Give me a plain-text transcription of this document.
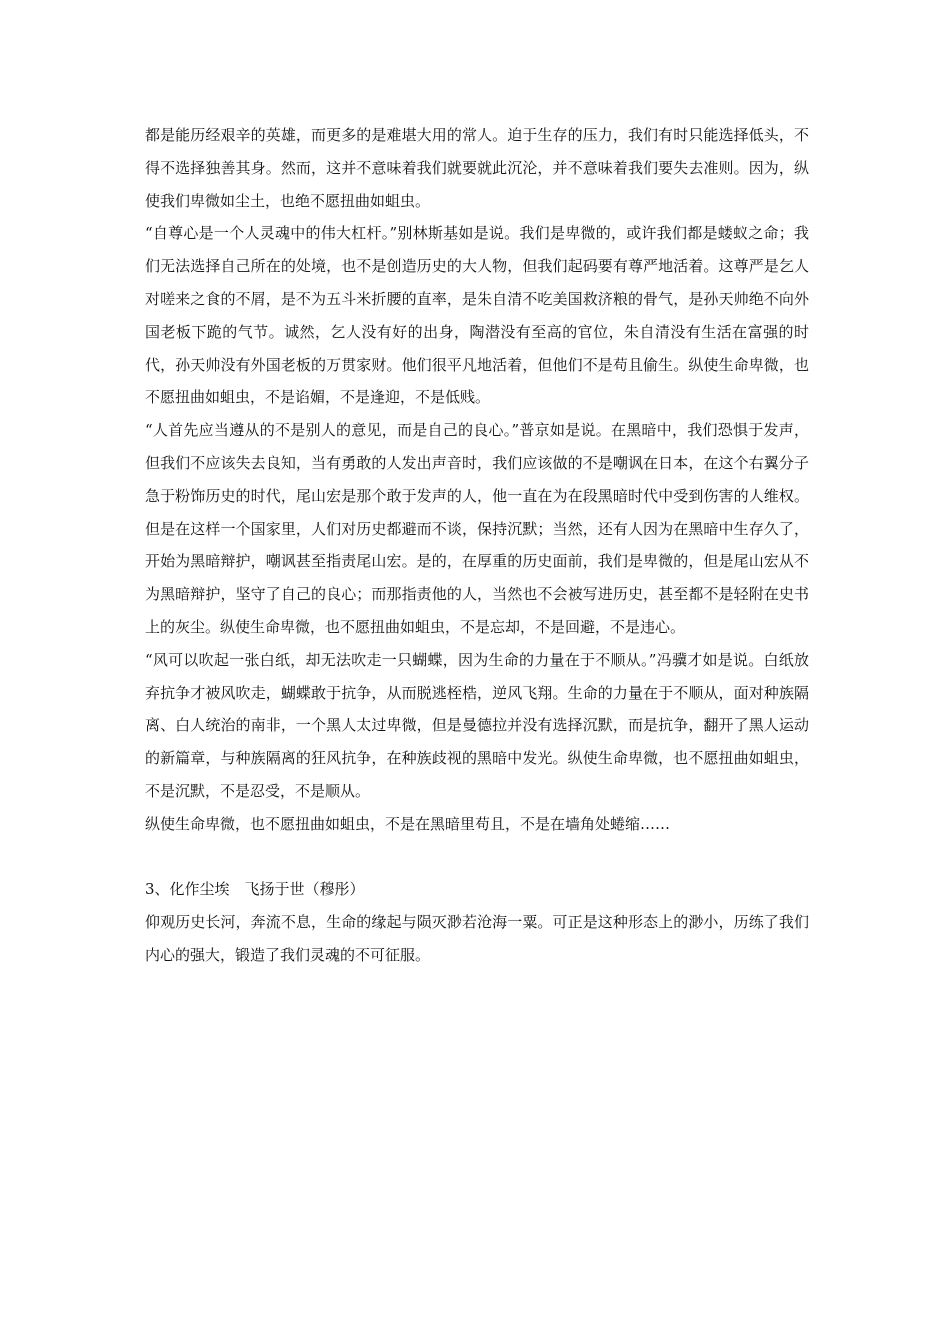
都是能历经艰辛的英雄，而更多的是难堪大用的常人。迫于生存的压力，我们有时只能选择低头，不得不选择独善其身。然而，这并不意味着我们就要就此沉沦，并不意味着我们要失去准则。因为，纵使我们卑微如尘土，也绝不愿扭曲如蛆虫。

“自尊心是一个人灵魂中的伟大杠杆。”别林斯基如是说。我们是卑微的，或许我们都是蝼蚁之命；我们无法选择自己所在的处境，也不是创造历史的大人物，但我们起码要有尊严地活着。这尊严是乞人对嗟来之食的不屑，是不为五斗米折腰的直率，是朱自清不吃美国救济粮的骨气，是孙天帅绝不向外国老板下跪的气节。诚然，乞人没有好的出身，陶潜没有至高的官位，朱自清没有生活在富强的时代，孙天帅没有外国老板的万贯家财。他们很平凡地活着，但他们不是苟且偷生。纵使生命卑微，也不愿扭曲如蛆虫，不是谄媚，不是逢迎，不是低贱。

“人首先应当遵从的不是别人的意见，而是自己的良心。”普京如是说。在黑暗中，我们恐惧于发声，但我们不应该失去良知，当有勇敢的人发出声音时，我们应该做的不是嘲讽在日本，在这个右翼分子急于粉饰历史的时代，尾山宏是那个敢于发声的人，他一直在为在段黑暗时代中受到伤害的人维权。但是在这样一个国家里，人们对历史都避而不谈，保持沉默；当然，还有人因为在黑暗中生存久了，开始为黑暗辩护，嘲讽甚至指责尾山宏。是的，在厚重的历史面前，我们是卑微的，但是尾山宏从不为黑暗辩护，坚守了自己的良心；而那指责他的人，当然也不会被写进历史，甚至都不是轻附在史书上的灰尘。纵使生命卑微，也不愿扭曲如蛆虫，不是忘却，不是回避，不是违心。

“风可以吹起一张白纸，却无法吹走一只蝴蝶，因为生命的力量在于不顺从。”冯骥才如是说。白纸放弃抗争才被风吹走，蝴蝶敢于抗争，从而脱逃桎梏，逆风飞翔。生命的力量在于不顺从，面对种族隔离、白人统治的南非，一个黑人太过卑微，但是曼德拉并没有选择沉默，而是抗争，翻开了黑人运动的新篇章，与种族隔离的狂风抗争，在种族歧视的黑暗中发光。纵使生命卑微，也不愿扭曲如蛆虫，不是沉默，不是忍受，不是顺从。

纵使生命卑微，也不愿扭曲如蛆虫，不是在黑暗里苟且，不是在墙角处蜷缩……

3、化作尘埃　飞扬于世（穆彤）

仰观历史长河，奔流不息，生命的缘起与陨灭渺若沧海一粟。可正是这种形态上的渺小，历练了我们内心的强大，锻造了我们灵魂的不可征服。
